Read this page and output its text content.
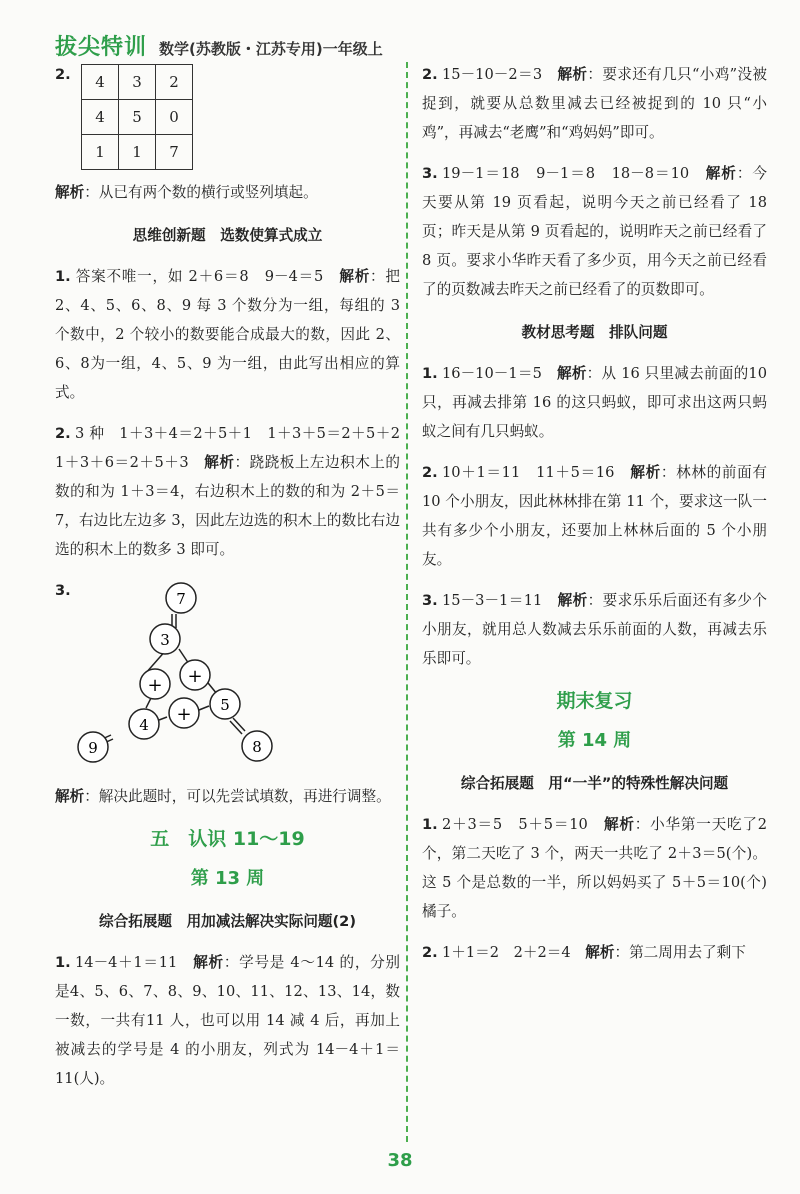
拔尖特训 数学(苏教版・江苏专用)一年级上
2. 4	3	2
4	5	0
1	1	7

解析：从已有两个数的横行或竖列填起。

思维创新题　选数使算式成立

1. 答案不唯一，如 2＋6＝8　9－4＝5　解析：把2、4、5、6、8、9 每 3 个数分为一组，每组的 3 个数中，2 个较小的数要能合成最大的数，因此 2、6、8为一组，4、5、9 为一组，由此写出相应的算式。

2. 3 种　1＋3＋4＝2＋5＋1　1＋3＋5＝2＋5＋2　1＋3＋6＝2＋5＋3　解析：跷跷板上左边积木上的数的和为 1＋3＝4，右边积木上的数的和为 2＋5＝7，右边比左边多 3，因此左边选的积木上的数比右边选的积木上的数多 3 即可。

3.	7
3
+ +
5
+
4
9	8

解析：解决此题时，可以先尝试填数，再进行调整。

五　认识 11～19
第 13 周
综合拓展题　用加减法解决实际问题(2)

1. 14－4＋1＝11　解析：学号是 4～14 的，分别是4、5、6、7、8、9、10、11、12、13、14，数一数，一共有11 人，也可以用 14 减 4 后，再加上被减去的学号是 4 的小朋友，列式为 14－4＋1＝11(人)。

2. 15－10－2＝3　解析：要求还有几只“小鸡”没被捉到，就要从总数里减去已经被捉到的 10 只“小鸡”，再减去“老鹰”和“鸡妈妈”即可。

3. 19－1＝18　9－1＝8　18－8＝10　解析：今天要从第 19 页看起，说明今天之前已经看了 18 页；昨天是从第 9 页看起的，说明昨天之前已经看了8 页。要求小华昨天看了多少页，用今天之前已经看了的页数减去昨天之前已经看了的页数即可。

教材思考题　排队问题

1. 16－10－1＝5　解析：从 16 只里减去前面的10 只，再减去排第 16 的这只蚂蚁，即可求出这两只蚂蚁之间有几只蚂蚁。

2. 10＋1＝11　11＋5＝16　解析：林林的前面有10 个小朋友，因此林林排在第 11 个，要求这一队一共有多少个小朋友，还要加上林林后面的 5 个小朋友。

3. 15－3－1＝11　解析：要求乐乐后面还有多少个小朋友，就用总人数减去乐乐前面的人数，再减去乐乐即可。

期末复习
第 14 周
综合拓展题　用“一半”的特殊性解决问题

1. 2＋3＝5　5＋5＝10　解析：小华第一天吃了2 个，第二天吃了 3 个，两天一共吃了 2＋3＝5(个)。这 5 个是总数的一半，所以妈妈买了 5＋5＝10(个)橘子。

2. 1＋1＝2　2＋2＝4　解析：第二周用去了剩下

38
